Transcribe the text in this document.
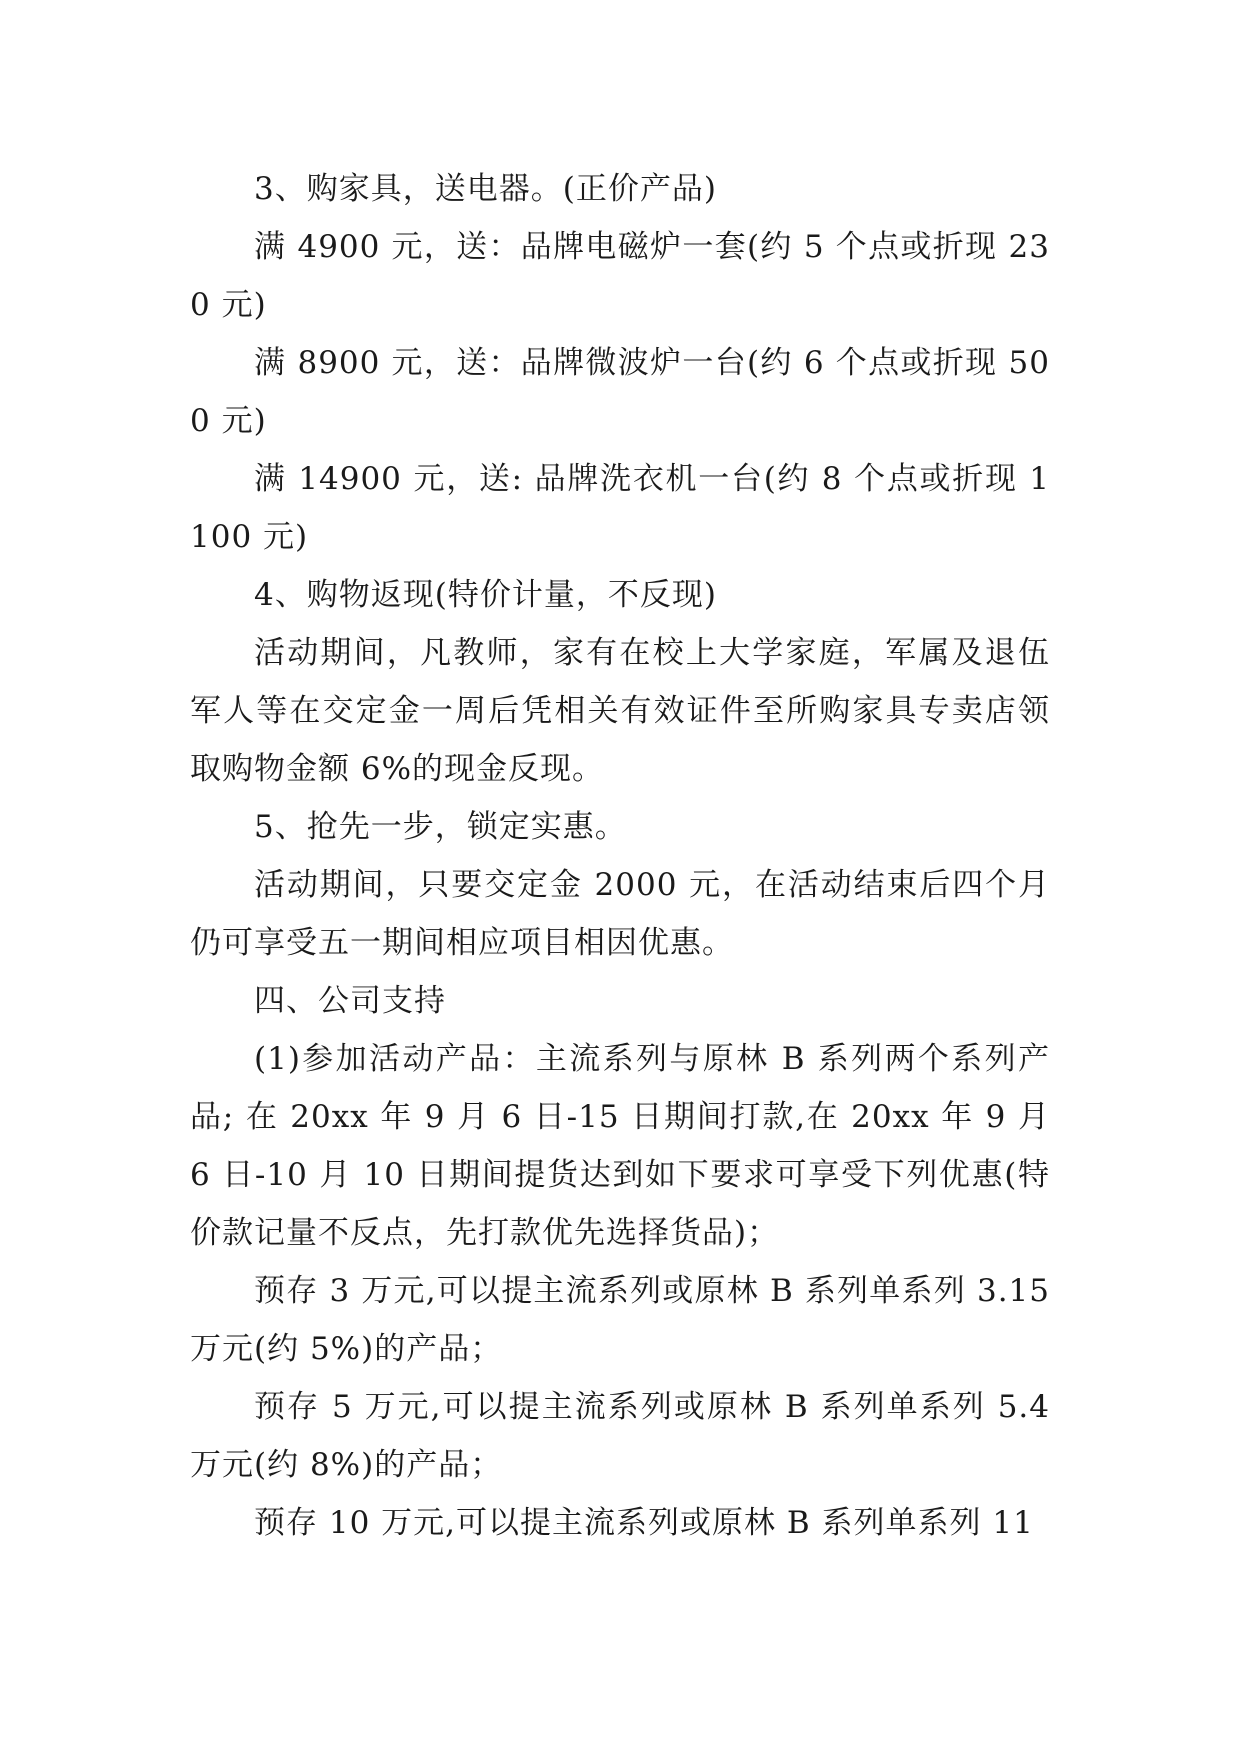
3、购家具，送电器。(正价产品)

满 4900 元，送：品牌电磁炉一套(约 5 个点或折现 230 元)

满 8900 元，送：品牌微波炉一台(约 6 个点或折现 500 元)

满 14900 元，送: 品牌洗衣机一台(约 8 个点或折现 1100 元)

4、购物返现(特价计量，不反现)

活动期间，凡教师，家有在校上大学家庭，军属及退伍军人等在交定金一周后凭相关有效证件至所购家具专卖店领取购物金额 6%的现金反现。

5、抢先一步，锁定实惠。

活动期间，只要交定金 2000 元，在活动结束后四个月仍可享受五一期间相应项目相因优惠。

四、公司支持

(1)参加活动产品：主流系列与原林 B 系列两个系列产品; 在 20xx 年 9 月 6 日-15 日期间打款,在 20xx 年 9 月 6 日-10 月 10 日期间提货达到如下要求可享受下列优惠(特价款记量不反点，先打款优先选择货品)；

预存 3 万元,可以提主流系列或原林 B 系列单系列 3.15 万元(约 5%)的产品；

预存 5 万元,可以提主流系列或原林 B 系列单系列 5.4 万元(约 8%)的产品；

预存 10 万元,可以提主流系列或原林 B 系列单系列 11
